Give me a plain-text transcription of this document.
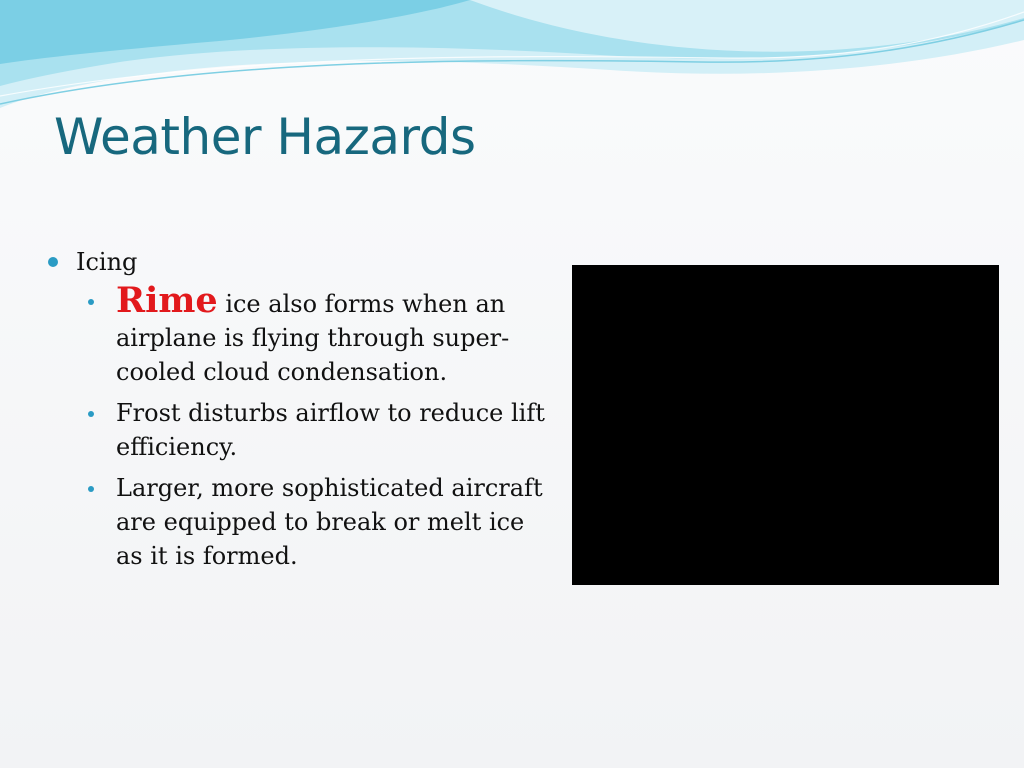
Weather Hazards
Icing
Rime ice also forms when an airplane is flying through super-cooled cloud condensation.
Frost disturbs airflow to reduce lift efficiency.
Larger, more sophisticated aircraft are equipped to break or melt ice as it is formed.
